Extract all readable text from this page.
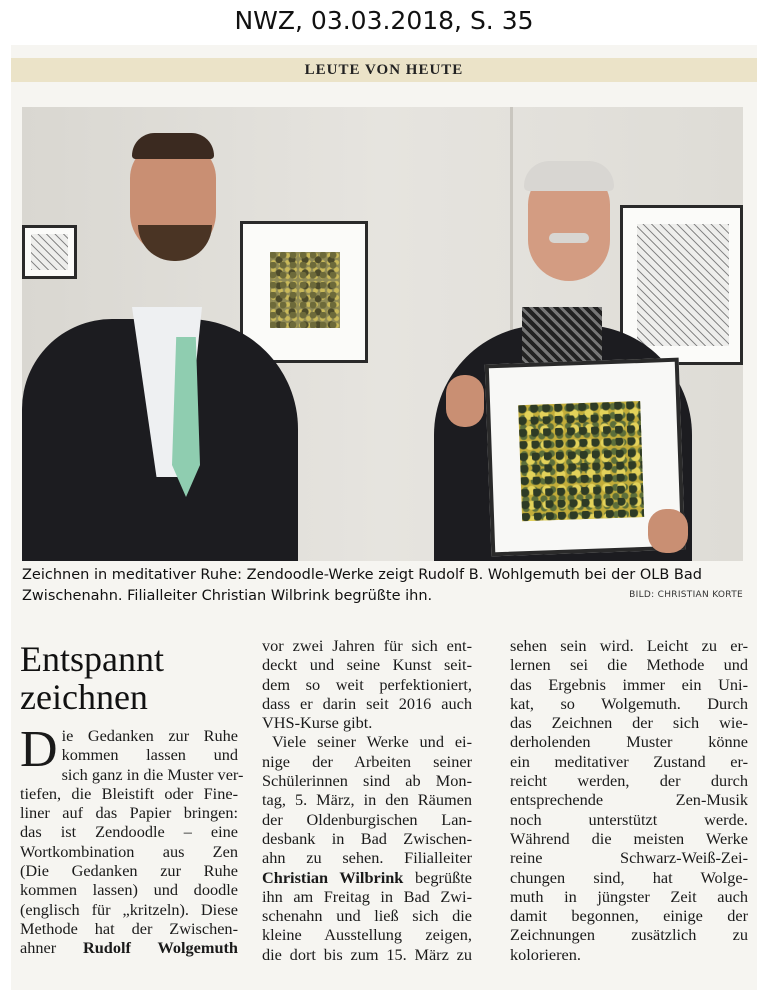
NWZ, 03.03.2018, S. 35
LEUTE VON HEUTE
Zeichnen in meditativer Ruhe: Zendoodle-Werke zeigt Rudolf B. Wohlgemuth bei der OLB Bad Zwischenahn. Filialleiter Christian Wilbrink begrüßte ihn.	BILD: CHRISTIAN KORTE
Entspannt
zeichnen
D ie Gedanken zur Ruhe

kommen lassen und

sich ganz in die Muster ver-

tiefen, die Bleistift oder Fine-

liner auf das Papier bringen:

das ist Zendoodle – eine

Wortkombination aus Zen

(Die Gedanken zur Ruhe

kommen lassen) und doodle

(englisch für „kritzeln). Diese

Methode hat der Zwischen-

ahner Rudolf Wolgemuth

vor zwei Jahren für sich ent-

deckt und seine Kunst seit-

dem so weit perfektioniert,

dass er darin seit 2016 auch

VHS-Kurse gibt.

Viele seiner Werke und ei-

nige der Arbeiten seiner

Schülerinnen sind ab Mon-

tag, 5. März, in den Räumen

der Oldenburgischen Lan-

desbank in Bad Zwischen-

ahn zu sehen. Filialleiter

Christian Wilbrink begrüßte

ihn am Freitag in Bad Zwi-

schenahn und ließ sich die

kleine Ausstellung zeigen,

die dort bis zum 15. März zu

sehen sein wird. Leicht zu er-

lernen sei die Methode und

das Ergebnis immer ein Uni-

kat, so Wolgemuth. Durch

das Zeichnen der sich wie-

derholenden Muster könne

ein meditativer Zustand er-

reicht werden, der durch

entsprechende Zen-Musik

noch unterstützt werde.

Während die meisten Werke

reine Schwarz-Weiß-Zei-

chungen sind, hat Wolge-

muth in jüngster Zeit auch

damit begonnen, einige der

Zeichnungen zusätzlich zu

kolorieren.
